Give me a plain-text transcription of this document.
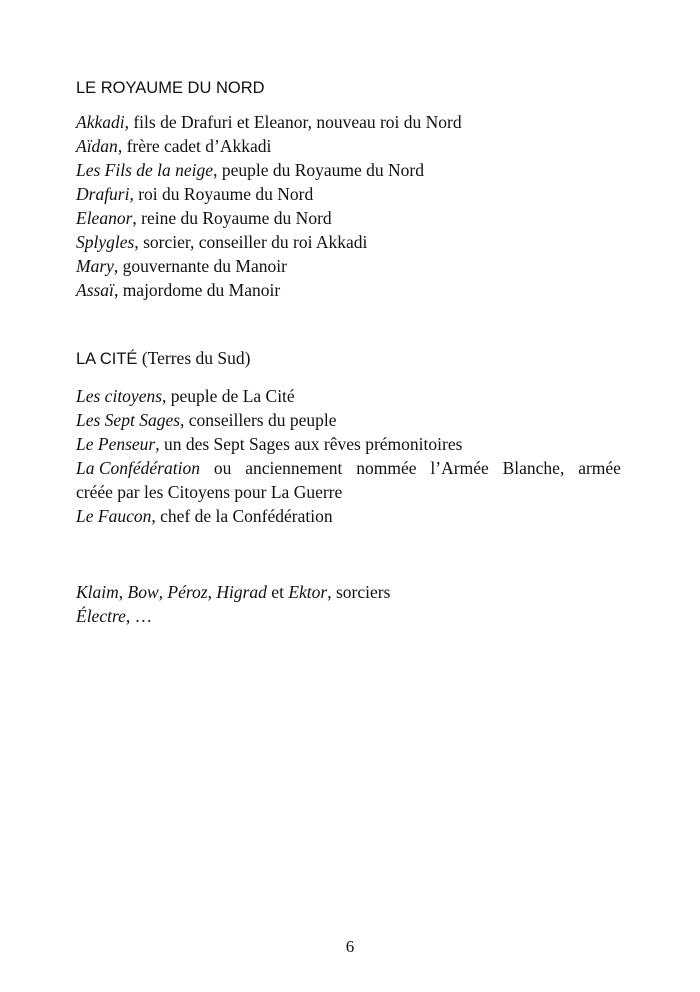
LE ROYAUME DU NORD
Akkadi, fils de Drafuri et Eleanor, nouveau roi du Nord
Aïdan, frère cadet d’Akkadi
Les Fils de la neige, peuple du Royaume du Nord
Drafuri, roi du Royaume du Nord
Eleanor, reine du Royaume du Nord
Splygles, sorcier, conseiller du roi Akkadi
Mary, gouvernante du Manoir
Assaï, majordome du Manoir
LA CITÉ (Terres du Sud)
Les citoyens, peuple de La Cité
Les Sept Sages, conseillers du peuple
Le Penseur, un des Sept Sages aux rêves prémonitoires
La Confédération ou anciennement nommée l’Armée Blanche, armée
créée par les Citoyens pour La Guerre
Le Faucon, chef de la Confédération
Klaim, Bow, Péroz, Higrad et Ektor, sorciers
Électre, …
6
